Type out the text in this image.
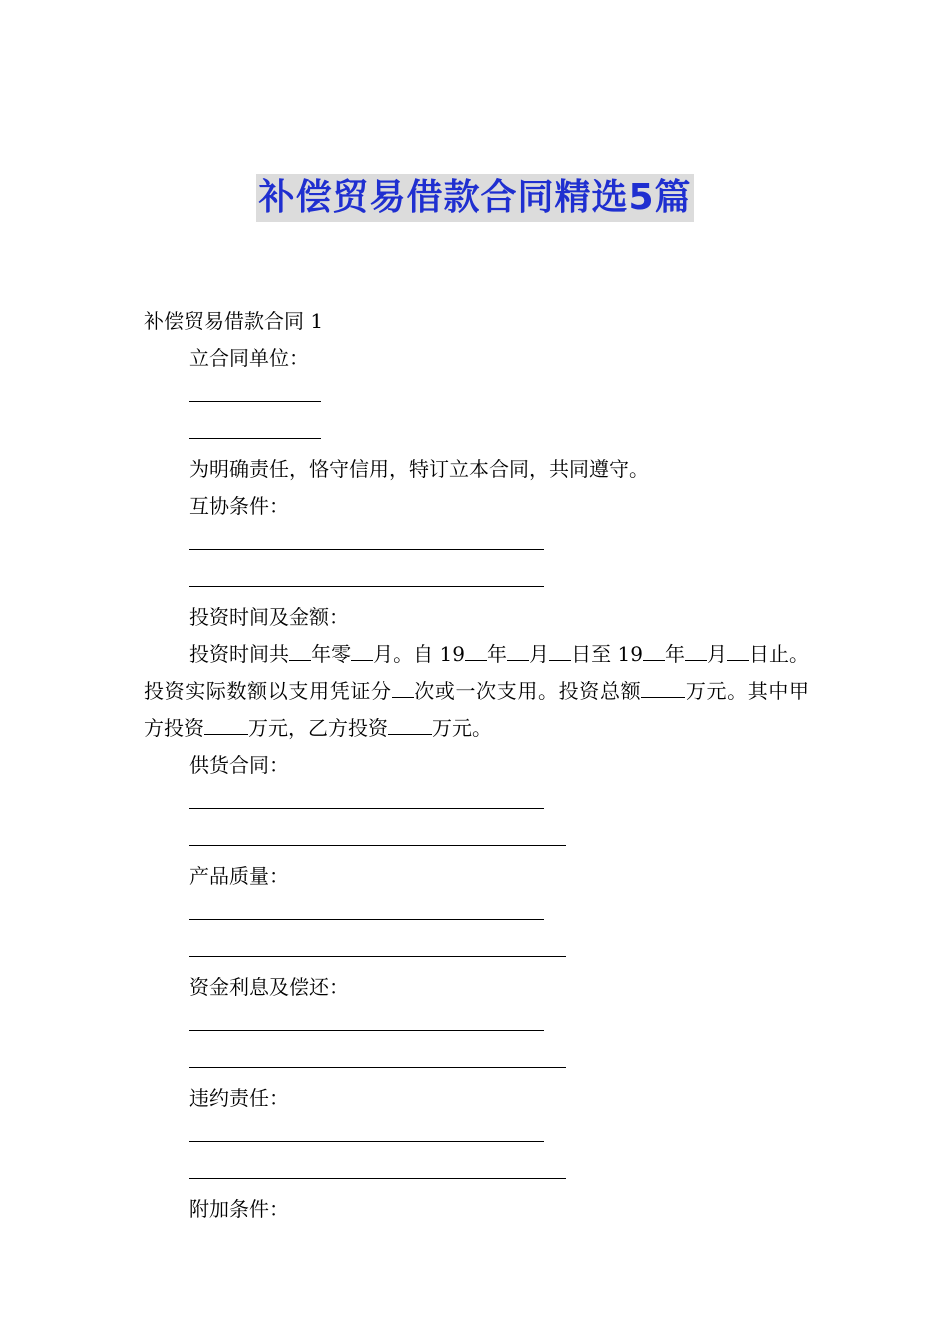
补偿贸易借款合同精选5篇
补偿贸易借款合同 1
立合同单位：
为明确责任，恪守信用，特订立本合同，共同遵守。
互协条件：
投资时间及金额：
投资时间共 年零 月。自 19 年 月 日至 19 年 月 日止。投资实际数额以支用凭证分 次或一次支用。投资总额 万元。其中甲方投资 万元，乙方投资 万元。
供货合同：
产品质量：
资金利息及偿还：
违约责任：
附加条件：
